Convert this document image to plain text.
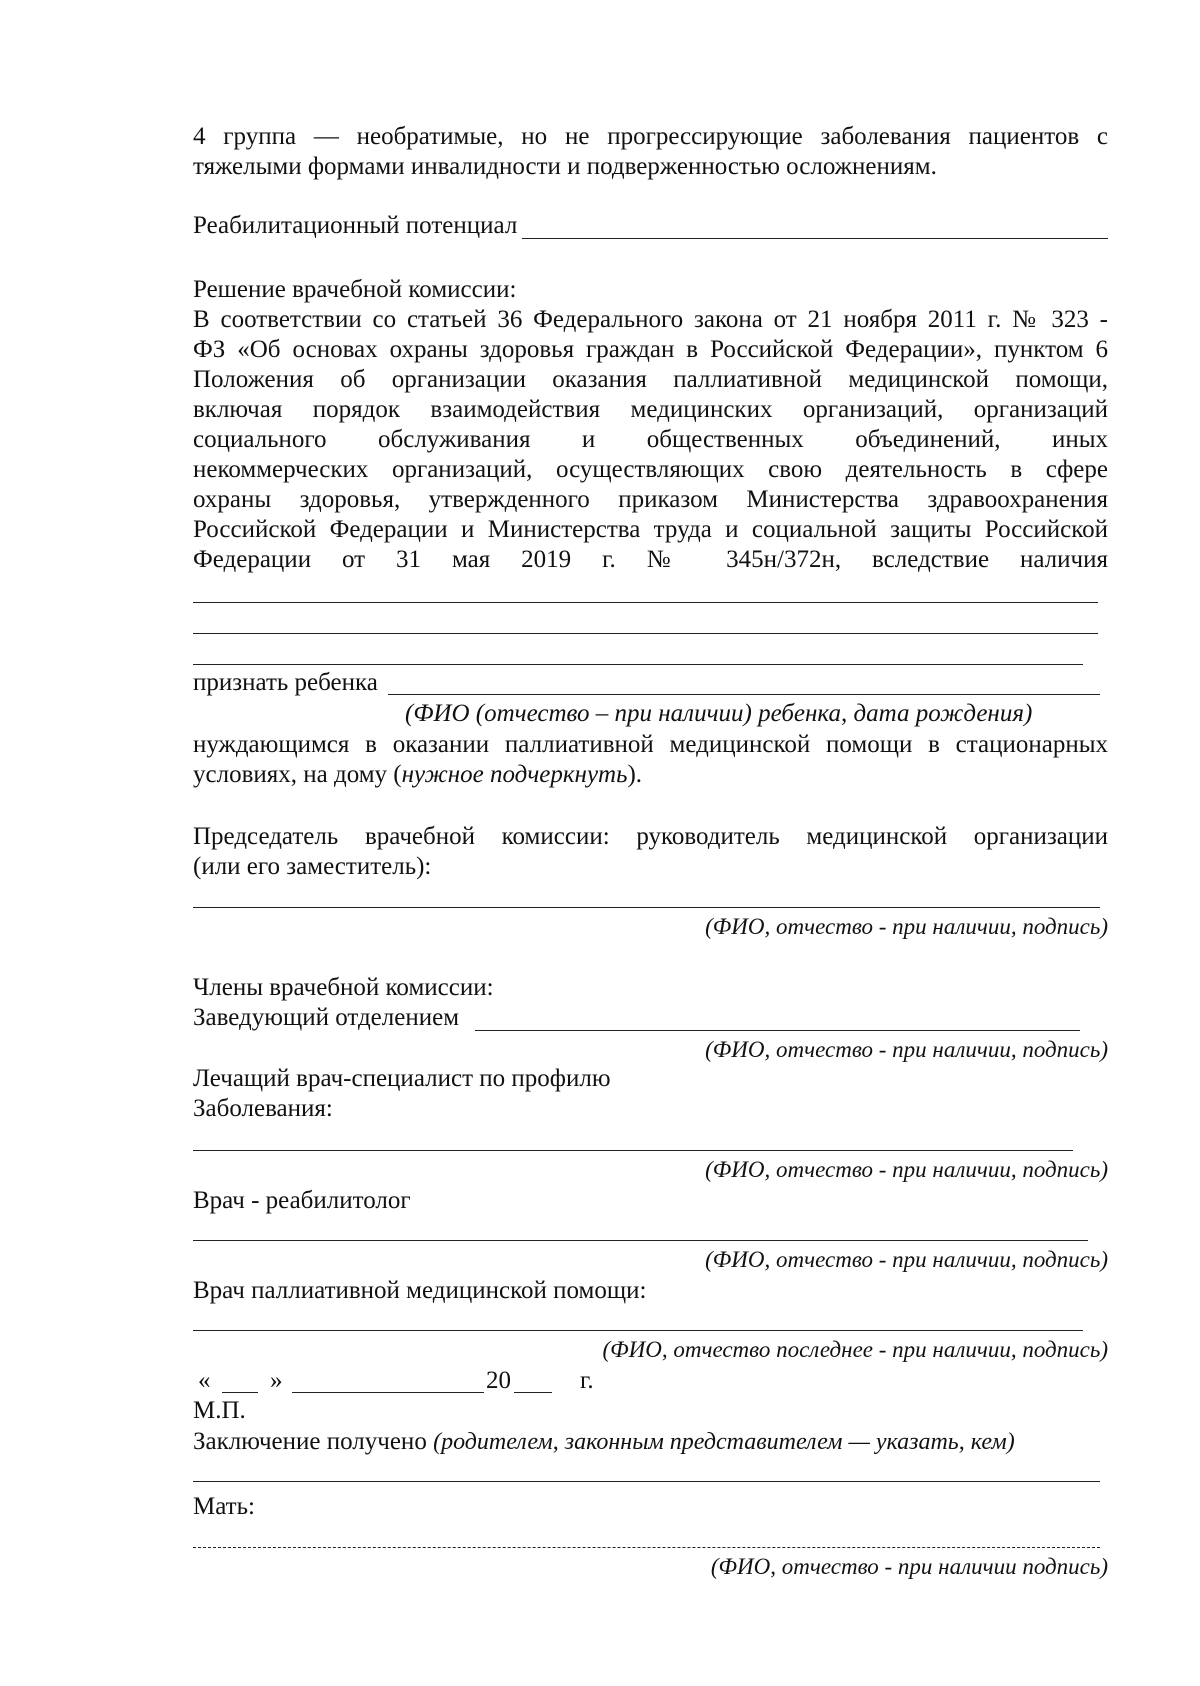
4 группа — необратимые, но не прогрессирующие заболевания пациентов с
тяжелыми формами инвалидности и подверженностью осложнениям.
Реабилитационный потенциал
Решение врачебной комиссии:
В соответствии со статьей 36 Федерального закона от 21 ноября 2011 г. № 323 -
ФЗ «Об основах охраны здоровья граждан в Российской Федерации», пунктом 6
Положения об организации оказания паллиативной медицинской помощи,
включая порядок взаимодействия медицинских организаций, организаций
социального обслуживания и общественных объединений, иных
некоммерческих организаций, осуществляющих свою деятельность в сфере
охраны здоровья, утвержденного приказом Министерства здравоохранения
Российской Федерации и Министерства труда и социальной защиты Российской
Федерации от 31 мая 2019 г. № 345н/372н, вследствие наличия
признать ребенка
(ФИО (отчество – при наличии) ребенка, дата рождения)
нуждающимся в оказании паллиативной медицинской помощи в стационарных
условиях, на дому (нужное подчеркнуть).
Председатель врачебной комиссии: руководитель медицинской организации
(или его заместитель):
(ФИО, отчество - при наличии, подпись)
Члены врачебной комиссии:
Заведующий отделением
(ФИО, отчество - при наличии, подпись)
Лечащий врач-специалист по профилю
Заболевания:
(ФИО, отчество - при наличии, подпись)
Врач - реабилитолог
(ФИО, отчество - при наличии, подпись)
Врач паллиативной медицинской помощи:
(ФИО, отчество последнее - при наличии, подпись)
« »	20	г.
М.П.
Заключение получено (родителем, законным представителем — указать, кем)
Мать:
(ФИО, отчество - при наличии подпись)
